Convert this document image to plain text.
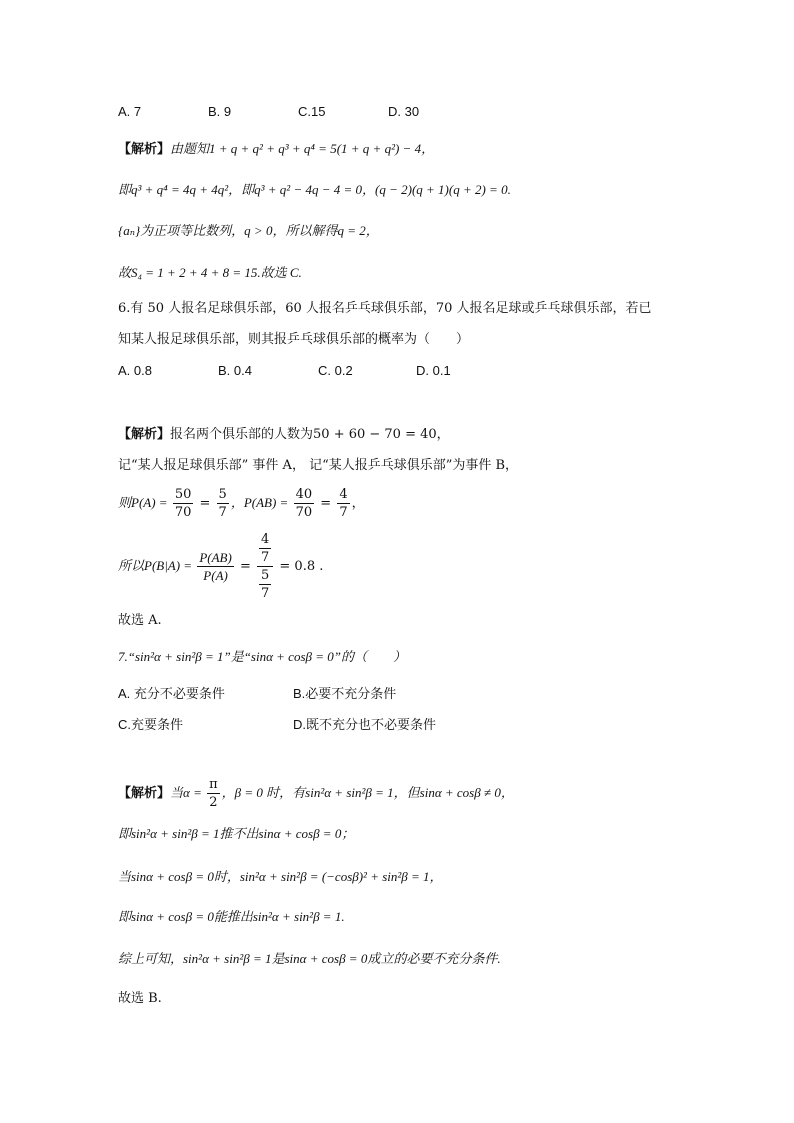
A. 7	B. 9	C.15	D. 30
【解析】由题知1 + q + q² + q³ + q⁴ = 5(1 + q + q²) − 4，
即q³ + q⁴ = 4q + 4q²，即q³ + q² − 4q − 4 = 0，(q − 2)(q + 1)(q + 2) = 0.
{aₙ}为正项等比数列，q > 0，所以解得q = 2，
故S₄ = 1 + 2 + 4 + 8 = 15.故选 C.
6.有 50 人报名足球俱乐部，60 人报名乒乓球俱乐部，70 人报名足球或乒乓球俱乐部，若已
知某人报足球俱乐部，则其报乒乓球俱乐部的概率为（　　）
A. 0.8	B. 0.4	C. 0.2	D. 0.1
【解析】报名两个俱乐部的人数为50 + 60 − 70 = 40，
记“某人报足球俱乐部” 事件 A， 记“某人报乒乓球俱乐部”为事件 B，
则$P(A) = \frac{50}{70} = \frac{5}{7}$ ，$P(AB) = \frac{40}{70} = \frac{4}{7}$ ，
所以$P(B|A) = \frac{P(AB)}{P(A)} = \frac{\frac{4}{7}}{\frac{5}{7}} = 0.8$ .
故选 A.
7.“sin²α + sin²β = 1”是“sinα + cosβ = 0”的（　　）
A. 充分不必要条件	B.必要不充分条件
C.充要条件	D.既不充分也不必要条件
【解析】当$\alpha = \frac{\pi}{2}$ ，β = 0 时，有sin²α + sin²β = 1，但sinα + cosβ ≠ 0，
即sin²α + sin²β = 1推不出sinα + cosβ = 0；
当sinα + cosβ = 0时，sin²α + sin²β = (−cosβ)² + sin²β = 1，
即sinα + cosβ = 0能推出sin²α + sin²β = 1.
综上可知，sin²α + sin²β = 1是sinα + cosβ = 0成立的必要不充分条件.
故选 B.
